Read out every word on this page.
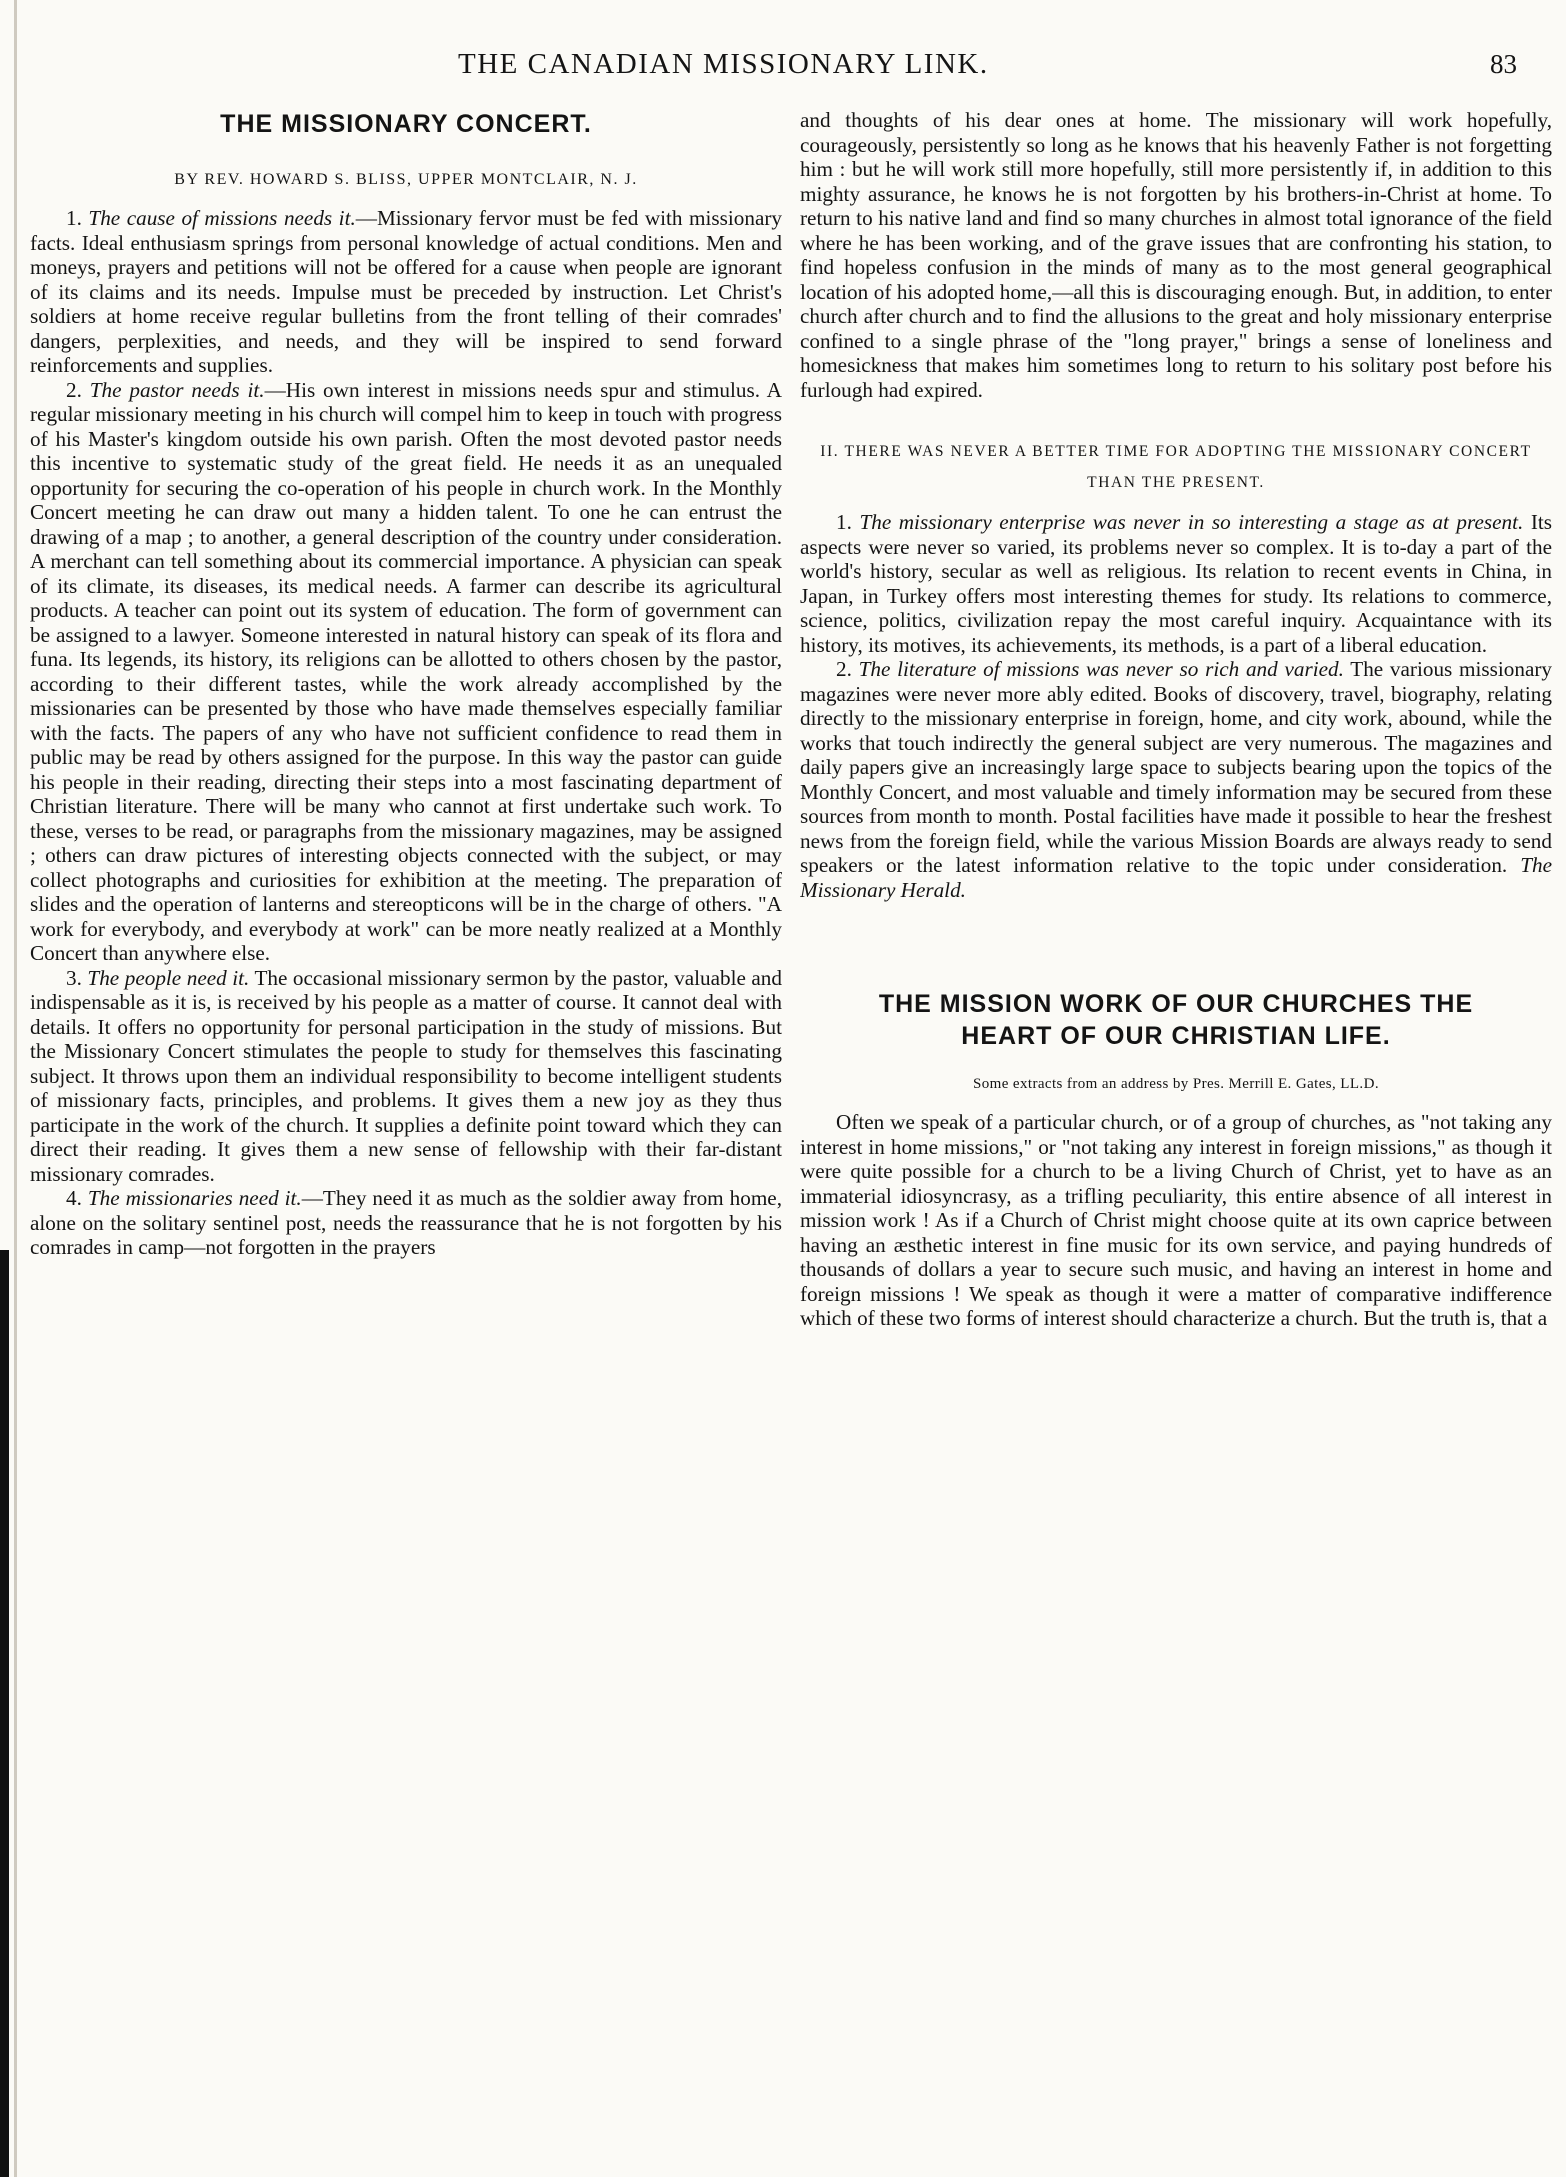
THE CANADIAN MISSIONARY LINK.	83
THE MISSIONARY CONCERT.
BY REV. HOWARD S. BLISS, UPPER MONTCLAIR, N. J.

1. The cause of missions needs it.—Missionary fervor must be fed with missionary facts. Ideal enthusiasm springs from personal knowledge of actual conditions. Men and moneys, prayers and petitions will not be offered for a cause when people are ignorant of its claims and its needs. Impulse must be preceded by instruction. Let Christ's soldiers at home receive regular bulletins from the front telling of their comrades' dangers, perplexities, and needs, and they will be inspired to send forward reinforcements and supplies.

2. The pastor needs it.—His own interest in missions needs spur and stimulus. A regular missionary meeting in his church will compel him to keep in touch with progress of his Master's kingdom outside his own parish. Often the most devoted pastor needs this incentive to systematic study of the great field. He needs it as an unequaled opportunity for securing the co-operation of his people in church work. In the Monthly Concert meeting he can draw out many a hidden talent. To one he can entrust the drawing of a map ; to another, a general description of the country under consideration. A merchant can tell something about its commercial importance. A physician can speak of its climate, its diseases, its medical needs. A farmer can describe its agricultural products. A teacher can point out its system of education. The form of government can be assigned to a lawyer. Someone interested in natural history can speak of its flora and funa. Its legends, its history, its religions can be allotted to others chosen by the pastor, according to their different tastes, while the work already accomplished by the missionaries can be presented by those who have made themselves especially familiar with the facts. The papers of any who have not sufficient confidence to read them in public may be read by others assigned for the purpose. In this way the pastor can guide his people in their reading, directing their steps into a most fascinating department of Christian literature. There will be many who cannot at first undertake such work. To these, verses to be read, or paragraphs from the missionary magazines, may be assigned ; others can draw pictures of interesting objects connected with the subject, or may collect photographs and curiosities for exhibition at the meeting. The preparation of slides and the operation of lanterns and stereopticons will be in the charge of others. "A work for everybody, and everybody at work" can be more neatly realized at a Monthly Concert than anywhere else.

3. The people need it. The occasional missionary sermon by the pastor, valuable and indispensable as it is, is received by his people as a matter of course. It cannot deal with details. It offers no opportunity for personal participation in the study of missions. But the Missionary Concert stimulates the people to study for themselves this fascinating subject. It throws upon them an individual responsibility to become intelligent students of missionary facts, principles, and problems. It gives them a new joy as they thus participate in the work of the church. It supplies a definite point toward which they can direct their reading. It gives them a new sense of fellowship with their far-distant missionary comrades.

4. The missionaries need it.—They need it as much as the soldier away from home, alone on the solitary sentinel post, needs the reassurance that he is not forgotten by his comrades in camp—not forgotten in the prayers

and thoughts of his dear ones at home. The missionary will work hopefully, courageously, persistently so long as he knows that his heavenly Father is not forgetting him : but he will work still more hopefully, still more persistently if, in addition to this mighty assurance, he knows he is not forgotten by his brothers-in-Christ at home. To return to his native land and find so many churches in almost total ignorance of the field where he has been working, and of the grave issues that are confronting his station, to find hopeless confusion in the minds of many as to the most general geographical location of his adopted home,—all this is discouraging enough. But, in addition, to enter church after church and to find the allusions to the great and holy missionary enterprise confined to a single phrase of the "long prayer," brings a sense of loneliness and homesickness that makes him sometimes long to return to his solitary post before his furlough had expired.

II. THERE WAS NEVER A BETTER TIME FOR ADOPTING THE MISSIONARY CONCERT THAN THE PRESENT.

1. The missionary enterprise was never in so interesting a stage as at present. Its aspects were never so varied, its problems never so complex. It is to-day a part of the world's history, secular as well as religious. Its relation to recent events in China, in Japan, in Turkey offers most interesting themes for study. Its relations to commerce, science, politics, civilization repay the most careful inquiry. Acquaintance with its history, its motives, its achievements, its methods, is a part of a liberal education.

2. The literature of missions was never so rich and varied. The various missionary magazines were never more ably edited. Books of discovery, travel, biography, relating directly to the missionary enterprise in foreign, home, and city work, abound, while the works that touch indirectly the general subject are very numerous. The magazines and daily papers give an increasingly large space to subjects bearing upon the topics of the Monthly Concert, and most valuable and timely information may be secured from these sources from month to month. Postal facilities have made it possible to hear the freshest news from the foreign field, while the various Mission Boards are always ready to send speakers or the latest information relative to the topic under consideration. The Missionary Herald.

THE MISSION WORK OF OUR CHURCHES THE
HEART OF OUR CHRISTIAN LIFE.
Some extracts from an address by Pres. Merrill E. Gates, LL.D.

Often we speak of a particular church, or of a group of churches, as "not taking any interest in home missions," or "not taking any interest in foreign missions," as though it were quite possible for a church to be a living Church of Christ, yet to have as an immaterial idiosyncrasy, as a trifling peculiarity, this entire absence of all interest in mission work ! As if a Church of Christ might choose quite at its own caprice between having an æsthetic interest in fine music for its own service, and paying hundreds of thousands of dollars a year to secure such music, and having an interest in home and foreign missions ! We speak as though it were a matter of comparative indifference which of these two forms of interest should characterize a church. But the truth is, that a
